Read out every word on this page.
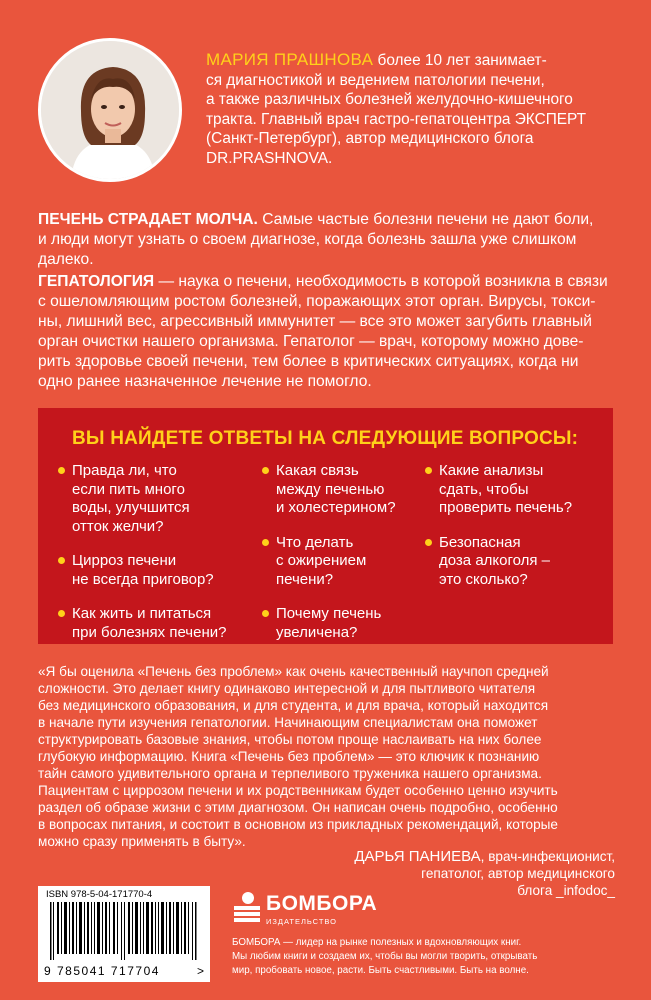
МАРИЯ ПРАШНОВА более 10 лет занимает-
ся диагностикой и ведением патологии печени,
а также различных болезней желудочно-кишечного
тракта. Главный врач гастро-гепатоцентра ЭКСПЕРТ
(Санкт-Петербург), автор медицинского блога
DR.PRASHNOVA.
ПЕЧЕНЬ СТРАДАЕТ МОЛЧА. Самые частые болезни печени не дают боли,
и люди могут узнать о своем диагнозе, когда болезнь зашла уже слишком
далеко.
ГЕПАТОЛОГИЯ — наука о печени, необходимость в которой возникла в связи
с ошеломляющим ростом болезней, поражающих этот орган. Вирусы, токси-
ны, лишний вес, агрессивный иммунитет — все это может загубить главный
орган очистки нашего организма. Гепатолог — врач, которому можно дове-
рить здоровье своей печени, тем более в критических ситуациях, когда ни
одно ранее назначенное лечение не помогло.
ВЫ НАЙДЕТЕ ОТВЕТЫ НА СЛЕДУЮЩИЕ ВОПРОСЫ:
Правда ли, что
если пить много
воды, улучшится
отток желчи?
Цирроз печени
не всегда приговор?
Как жить и питаться
при болезнях печени?
Какая связь
между печенью
и холестерином?
Что делать
с ожирением
печени?
Почему печень
увеличена?
Какие анализы
сдать, чтобы
проверить печень?
Безопасная
доза алкоголя –
это сколько?
«Я бы оценила «Печень без проблем» как очень качественный научпоп средней
сложности. Это делает книгу одинаково интересной и для пытливого читателя
без медицинского образования, и для студента, и для врача, который находится
в начале пути изучения гепатологии. Начинающим специалистам она поможет
структурировать базовые знания, чтобы потом проще наслаивать на них более
глубокую информацию. Книга «Печень без проблем» — это ключик к познанию
тайн самого удивительного органа и терпеливого труженика нашего организма.
Пациентам с циррозом печени и их родственникам будет особенно ценно изучить
раздел об образе жизни с этим диагнозом. Он написан очень подробно, особенно
в вопросах питания, и состоит в основном из прикладных рекомендаций, которые
можно сразу применять в быту».
ДАРЬЯ ПАНИЕВА, врач-инфекционист,
гепатолог, автор медицинского
блога _infodoc_
ISBN 978-5-04-171770-4
9 785041 717704	>
БОМБОРА
ИЗДАТЕЛЬСТВО
БОМБОРА — лидер на рынке полезных и вдохновляющих книг.
Мы любим книги и создаем их, чтобы вы могли творить, открывать
мир, пробовать новое, расти. Быть счастливыми. Быть на волне.
